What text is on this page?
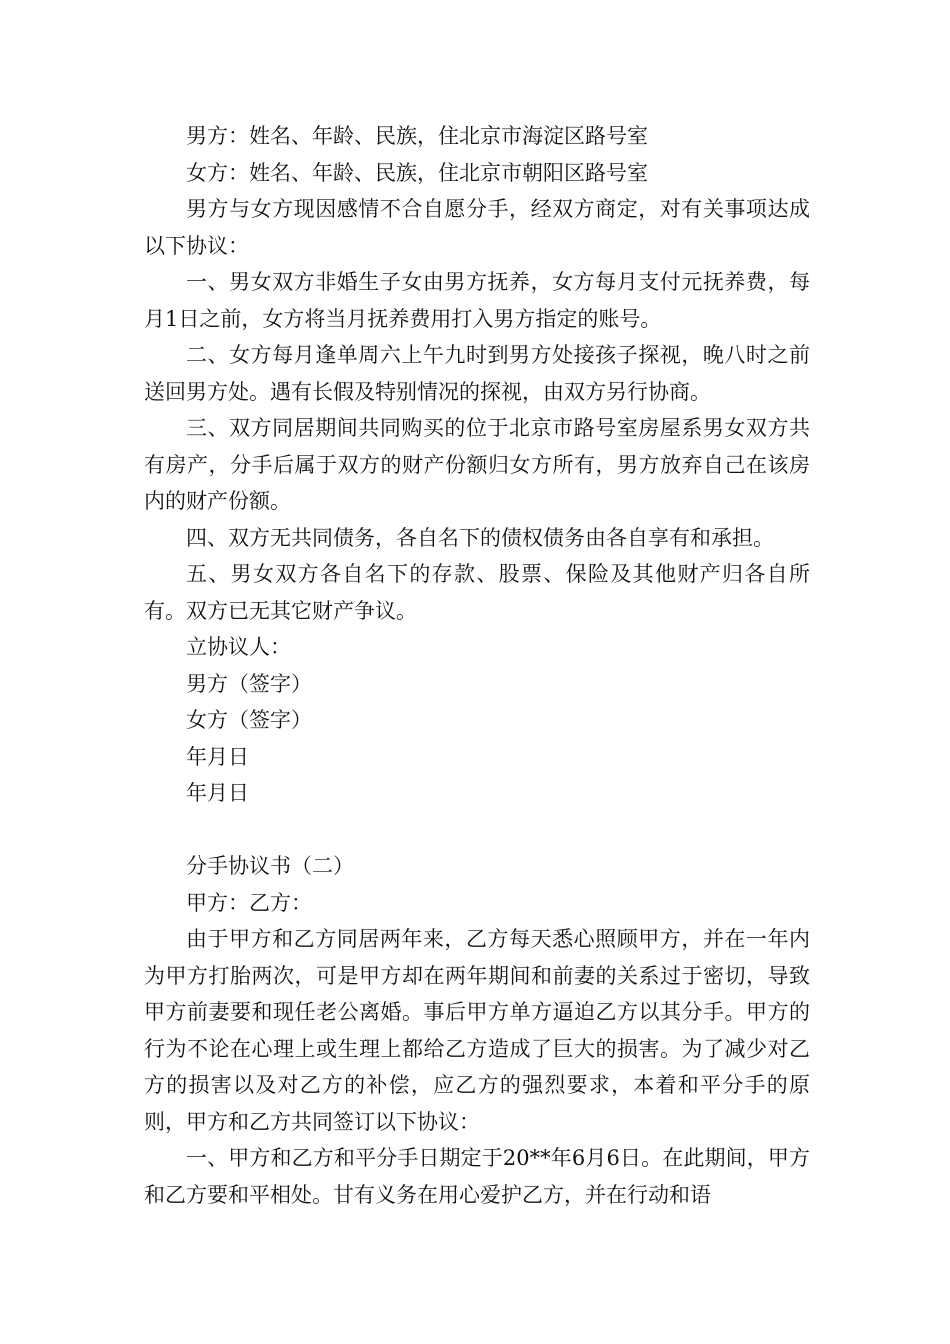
男方：姓名、年龄、民族，住北京市海淀区路号室

女方：姓名、年龄、民族，住北京市朝阳区路号室

男方与女方现因感情不合自愿分手，经双方商定，对有关事项达成以下协议：

一、男女双方非婚生子女由男方抚养，女方每月支付元抚养费，每月1日之前，女方将当月抚养费用打入男方指定的账号。

二、女方每月逢单周六上午九时到男方处接孩子探视，晚八时之前送回男方处。遇有长假及特别情况的探视，由双方另行协商。

三、双方同居期间共同购买的位于北京市路号室房屋系男女双方共有房产，分手后属于双方的财产份额归女方所有，男方放弃自己在该房内的财产份额。

四、双方无共同债务，各自名下的债权债务由各自享有和承担。

五、男女双方各自名下的存款、股票、保险及其他财产归各自所有。双方已无其它财产争议。

立协议人：

男方（签字）

女方（签字）

年月日

年月日

分手协议书（二）

甲方：乙方：

由于甲方和乙方同居两年来，乙方每天悉心照顾甲方，并在一年内为甲方打胎两次，可是甲方却在两年期间和前妻的关系过于密切，导致甲方前妻要和现任老公离婚。事后甲方单方逼迫乙方以其分手。甲方的行为不论在心理上或生理上都给乙方造成了巨大的损害。为了减少对乙方的损害以及对乙方的补偿，应乙方的强烈要求，本着和平分手的原则，甲方和乙方共同签订以下协议：

一、甲方和乙方和平分手日期定于20**年6月6日。在此期间，甲方和乙方要和平相处。甘有义务在用心爱护乙方，并在行动和语
